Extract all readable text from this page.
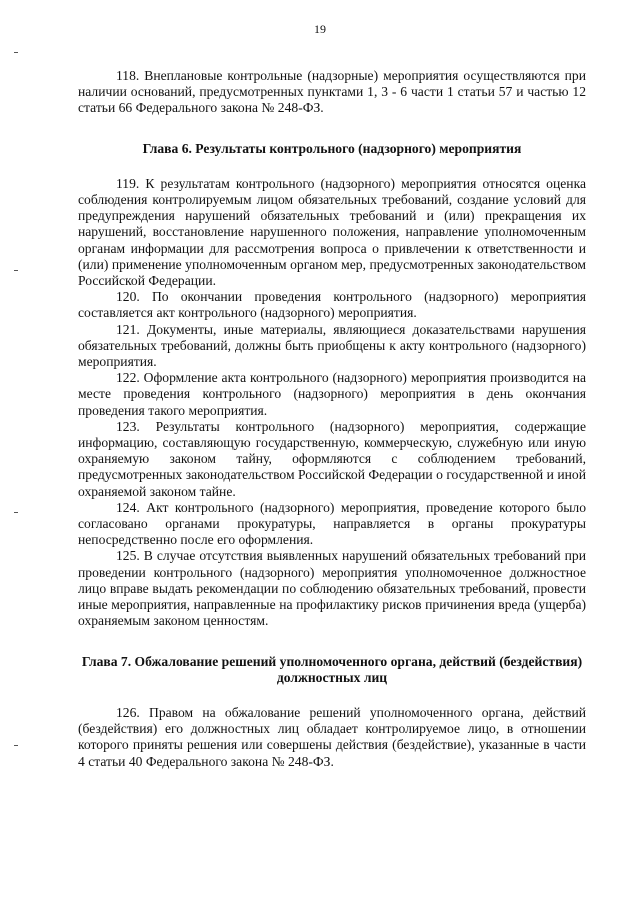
19

118. Внеплановые контрольные (надзорные) мероприятия осуществляются при наличии оснований, предусмотренных пунктами 1, 3 - 6 части 1 статьи 57 и частью 12 статьи 66 Федерального закона № 248-ФЗ.

Глава 6. Результаты контрольного (надзорного) мероприятия

119. К результатам контрольного (надзорного) мероприятия относятся оценка соблюдения контролируемым лицом обязательных требований, создание условий для предупреждения нарушений обязательных требований и (или) прекращения их нарушений, восстановление нарушенного положения, направление уполномоченным органам информации для рассмотрения вопроса о привлечении к ответственности и (или) применение уполномоченным органом мер, предусмотренных законодательством Российской Федерации.

120. По окончании проведения контрольного (надзорного) мероприятия составляется акт контрольного (надзорного) мероприятия.

121. Документы, иные материалы, являющиеся доказательствами нарушения обязательных требований, должны быть приобщены к акту контрольного (надзорного) мероприятия.

122. Оформление акта контрольного (надзорного) мероприятия производится на месте проведения контрольного (надзорного) мероприятия в день окончания проведения такого мероприятия.

123. Результаты контрольного (надзорного) мероприятия, содержащие информацию, составляющую государственную, коммерческую, служебную или иную охраняемую законом тайну, оформляются с соблюдением требований, предусмотренных законодательством Российской Федерации о государственной и иной охраняемой законом тайне.

124. Акт контрольного (надзорного) мероприятия, проведение которого было согласовано органами прокуратуры, направляется в органы прокуратуры непосредственно после его оформления.

125. В случае отсутствия выявленных нарушений обязательных требований при проведении контрольного (надзорного) мероприятия уполномоченное должностное лицо вправе выдать рекомендации по соблюдению обязательных требований, провести иные мероприятия, направленные на профилактику рисков причинения вреда (ущерба) охраняемым законом ценностям.

Глава 7. Обжалование решений уполномоченного органа, действий (бездействия) должностных лиц

126. Правом на обжалование решений уполномоченного органа, действий (бездействия) его должностных лиц обладает контролируемое лицо, в отношении которого приняты решения или совершены действия (бездействие), указанные в части 4 статьи 40 Федерального закона № 248-ФЗ.
